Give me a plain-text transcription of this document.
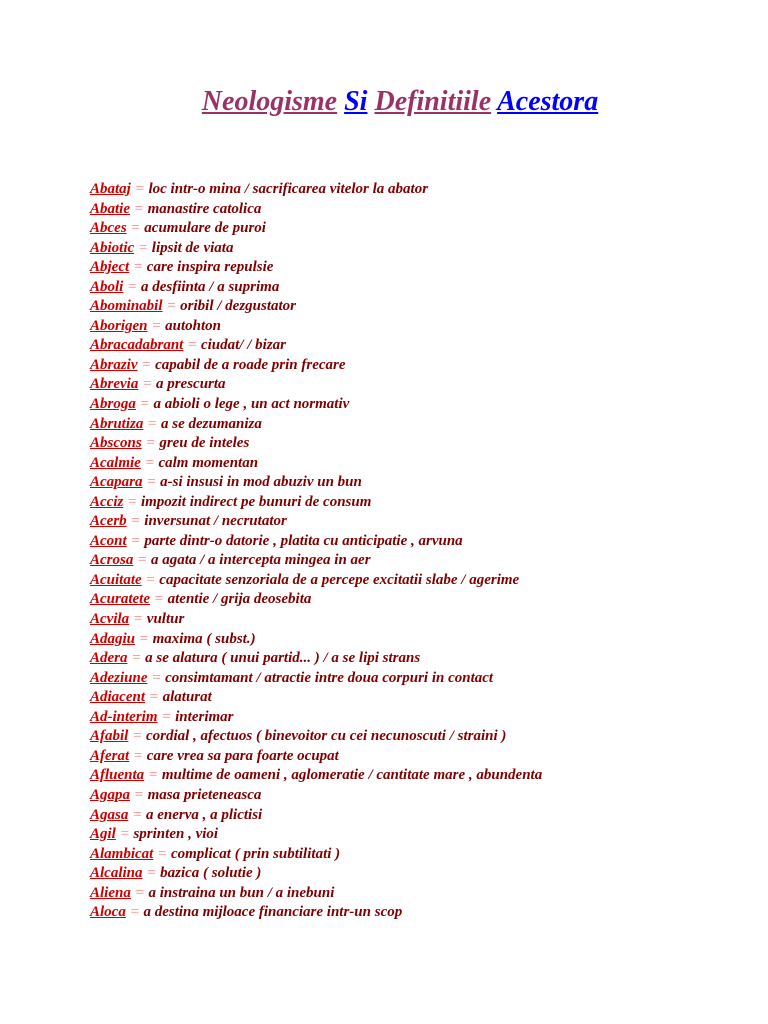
Neologisme Si Definitiile Acestora
Abataj = loc intr-o mina / sacrificarea vitelor la abator
Abatie = manastire catolica
Abces = acumulare de puroi
Abiotic = lipsit de viata
Abject = care inspira repulsie
Aboli = a desfiinta / a suprima
Abominabil = oribil / dezgustator
Aborigen = autohton
Abracadabrant = ciudat/ / bizar
Abraziv = capabil de a roade prin frecare
Abrevia = a prescurta
Abroga = a abioli o lege , un act normativ
Abrutiza = a se dezumaniza
Abscons = greu de inteles
Acalmie = calm momentan
Acapara = a-si insusi in mod abuziv un bun
Acciz = impozit indirect pe bunuri de consum
Acerb = inversunat / necrutator
Acont = parte dintr-o datorie , platita cu anticipatie , arvuna
Acrosa = a agata / a intercepta mingea in aer
Acuitate = capacitate senzoriala de a percepe excitatii slabe / agerime
Acuratete = atentie / grija deosebita
Acvila = vultur
Adagiu = maxima ( subst.)
Adera = a se alatura ( unui partid... ) / a se lipi strans
Adeziune = consimtamant / atractie intre doua corpuri in contact
Adiacent = alaturat
Ad-interim = interimar
Afabil = cordial , afectuos ( binevoitor cu cei necunoscuti / straini )
Aferat = care vrea sa para foarte ocupat
Afluenta = multime de oameni , aglomeratie / cantitate mare , abundenta
Agapa = masa prieteneasca
Agasa = a enerva , a plictisi
Agil = sprinten , vioi
Alambicat = complicat ( prin subtilitati )
Alcalina = bazica ( solutie )
Aliena = a instraina un bun / a inebuni
Aloca = a destina mijloace financiare intr-un scop
